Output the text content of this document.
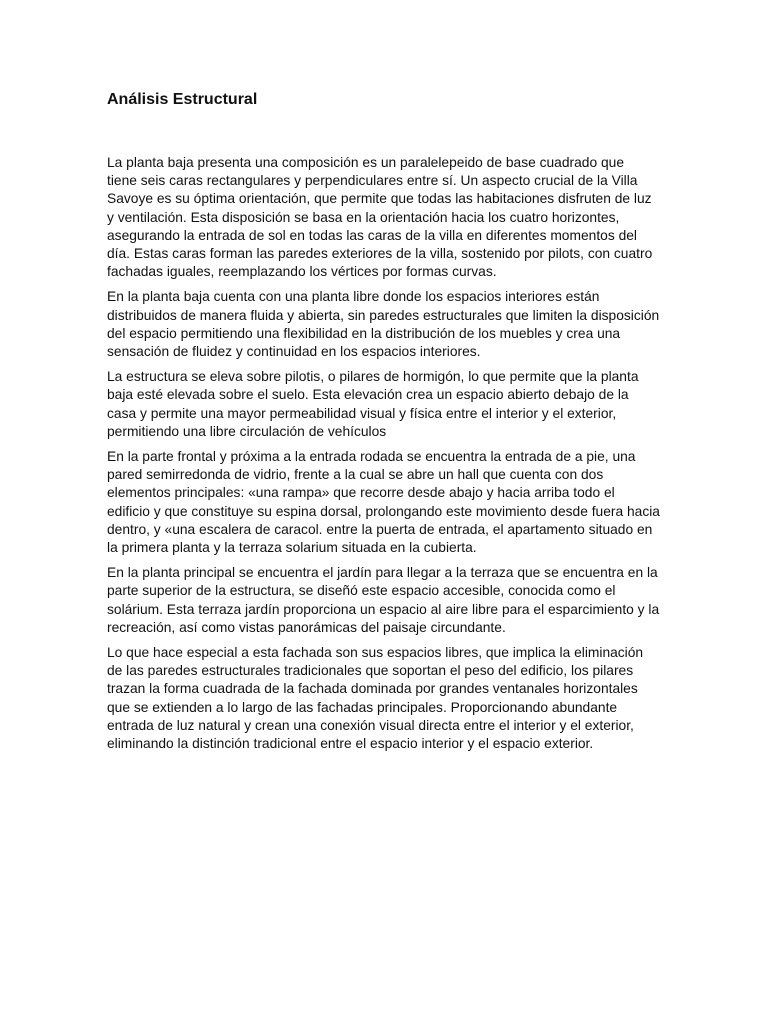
Análisis Estructural

La planta baja presenta una composición es un paralelepeido de base cuadrado que
tiene seis caras rectangulares y perpendiculares entre sí. Un aspecto crucial de la Villa
Savoye es su óptima orientación, que permite que todas las habitaciones disfruten de luz
y ventilación. Esta disposición se basa en la orientación hacia los cuatro horizontes,
asegurando la entrada de sol en todas las caras de la villa en diferentes momentos del
día. Estas caras forman las paredes exteriores de la villa, sostenido por pilots, con cuatro
fachadas iguales, reemplazando los vértices por formas curvas.

En la planta baja cuenta con una planta libre donde los espacios interiores están
distribuidos de manera fluida y abierta, sin paredes estructurales que limiten la disposición
del espacio permitiendo una flexibilidad en la distribución de los muebles y crea una
sensación de fluidez y continuidad en los espacios interiores.

La estructura se eleva sobre pilotis, o pilares de hormigón, lo que permite que la planta
baja esté elevada sobre el suelo. Esta elevación crea un espacio abierto debajo de la
casa y permite una mayor permeabilidad visual y física entre el interior y el exterior,
permitiendo una libre circulación de vehículos

En la parte frontal y próxima a la entrada rodada se encuentra la entrada de a pie, una
pared semirredonda de vidrio, frente a la cual se abre un hall que cuenta con dos
elementos principales: «una rampa» que recorre desde abajo y hacia arriba todo el
edificio y que constituye su espina dorsal, prolongando este movimiento desde fuera hacia
dentro, y «una escalera de caracol. entre la puerta de entrada, el apartamento situado en
la primera planta y la terraza solarium situada en la cubierta.

En la planta principal se encuentra el jardín para llegar a la terraza que se encuentra en la
parte superior de la estructura, se diseñó este espacio accesible, conocida como el
solárium. Esta terraza jardín proporciona un espacio al aire libre para el esparcimiento y la
recreación, así como vistas panorámicas del paisaje circundante.

Lo que hace especial a esta fachada son sus espacios libres, que implica la eliminación
de las paredes estructurales tradicionales que soportan el peso del edificio, los pilares
trazan la forma cuadrada de la fachada dominada por grandes ventanales horizontales
que se extienden a lo largo de las fachadas principales. Proporcionando abundante
entrada de luz natural y crean una conexión visual directa entre el interior y el exterior,
eliminando la distinción tradicional entre el espacio interior y el espacio exterior.
